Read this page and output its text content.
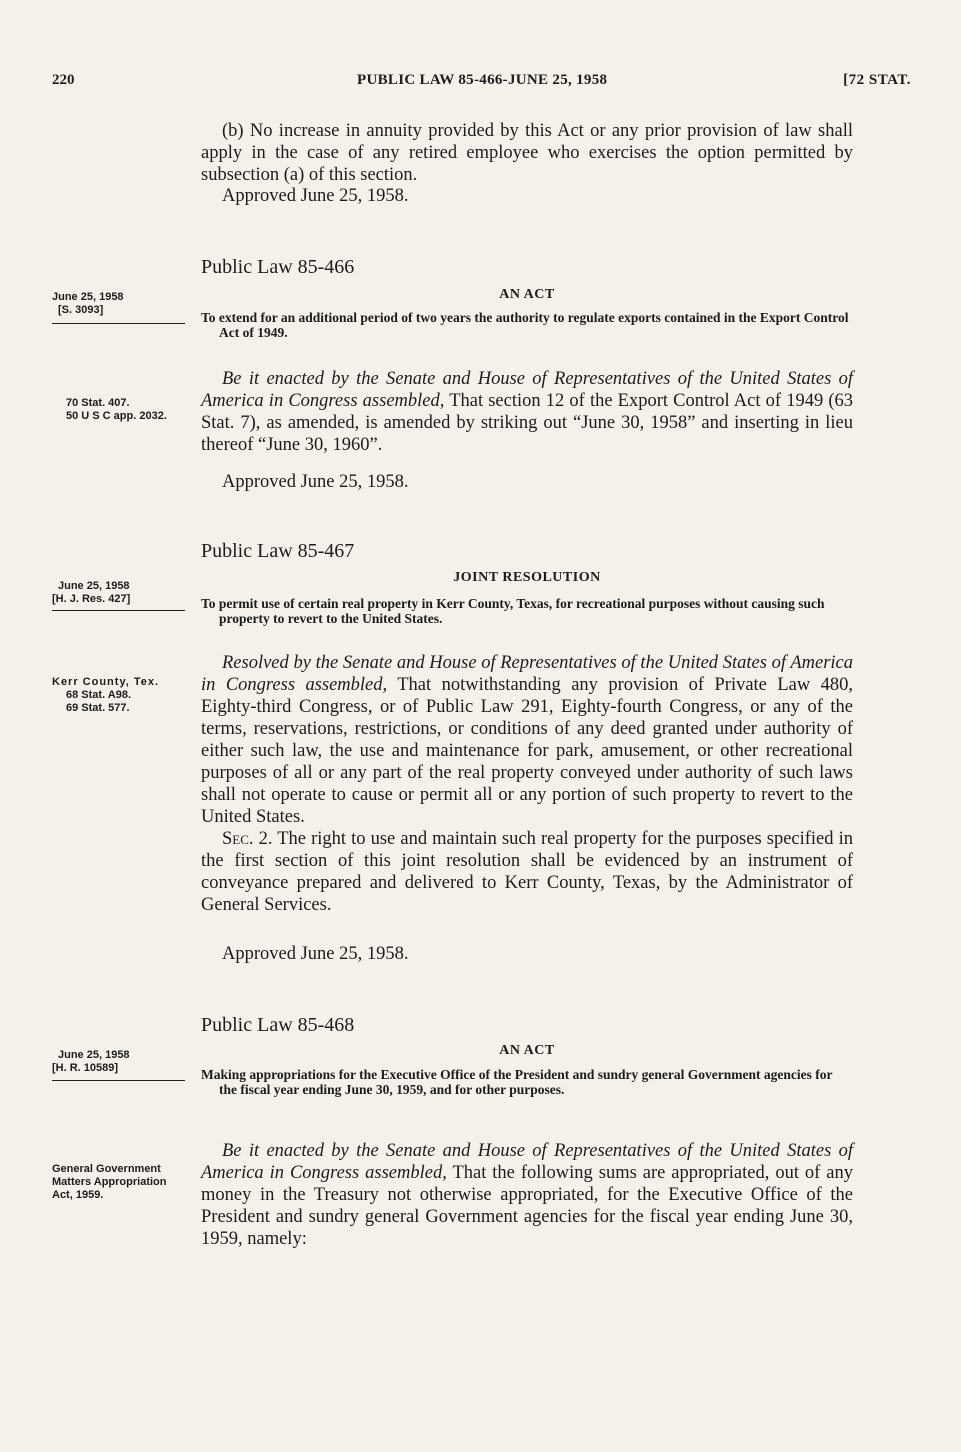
220	PUBLIC LAW 85-466-JUNE 25, 1958	[72 STAT.

(b) No increase in annuity provided by this Act or any prior provision of law shall apply in the case of any retired employee who exercises the option permitted by subsection (a) of this section.

Approved June 25, 1958.
Public Law 85-466
June 25, 1958
[S. 3093]
AN ACT
To extend for an additional period of two years the authority to regulate exports contained in the Export Control Act of 1949.
70 Stat. 407.
50 U S C app. 2032.

Be it enacted by the Senate and House of Representatives of the United States of America in Congress assembled, That section 12 of the Export Control Act of 1949 (63 Stat. 7), as amended, is amended by striking out “June 30, 1958” and inserting in lieu thereof “June 30, 1960”.

Approved June 25, 1958.
Public Law 85-467
June 25, 1958
[H. J. Res. 427]
JOINT RESOLUTION
To permit use of certain real property in Kerr County, Texas, for recreational purposes without causing such property to revert to the United States.
Kerr County, Tex.
68 Stat. A98.
69 Stat. 577.

Resolved by the Senate and House of Representatives of the United States of America in Congress assembled, That notwithstanding any provision of Private Law 480, Eighty-third Congress, or of Public Law 291, Eighty-fourth Congress, or any of the terms, reservations, restrictions, or conditions of any deed granted under authority of either such law, the use and maintenance for park, amusement, or other recreational purposes of all or any part of the real property conveyed under authority of such laws shall not operate to cause or permit all or any portion of such property to revert to the United States.

Sec. 2. The right to use and maintain such real property for the purposes specified in the first section of this joint resolution shall be evidenced by an instrument of conveyance prepared and delivered to Kerr County, Texas, by the Administrator of General Services.

Approved June 25, 1958.
Public Law 85-468
June 25, 1958
[H. R. 10589]
AN ACT
Making appropriations for the Executive Office of the President and sundry general Government agencies for the fiscal year ending June 30, 1959, and for other purposes.
General Government Matters Appropriation Act, 1959.

Be it enacted by the Senate and House of Representatives of the United States of America in Congress assembled, That the following sums are appropriated, out of any money in the Treasury not otherwise appropriated, for the Executive Office of the President and sundry general Government agencies for the fiscal year ending June 30, 1959, namely:
